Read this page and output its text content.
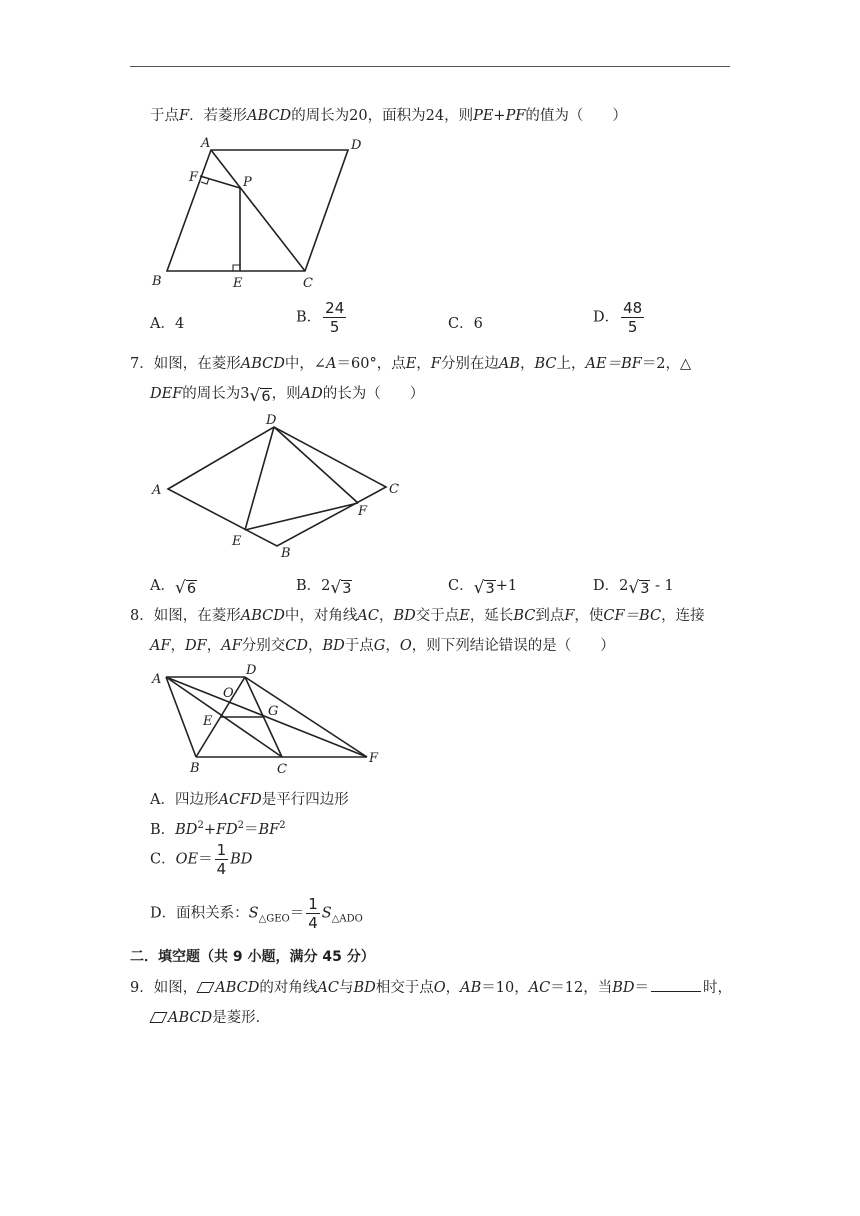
于点F．若菱形ABCD的周长为20，面积为24，则PE+PF的值为（　　）
A	D
F	P
B	E	C
A．4	B． $\frac{24}{5}$	C．6	D． $\frac{48}{5}$
7．如图，在菱形ABCD中，∠A＝60°，点E，F分别在边AB，BC上，AE＝BF＝2，△
DEF的周长为3 √ 6 ，则AD的长为（　　）
D
A	C
F
E
B
A． √ 6	B．2 √ 3	C． √ 3 +1	D．2 √ 3 - 1
8．如图，在菱形ABCD中，对角线AC，BD交于点E，延长BC到点F，使CF＝BC，连接
AF，DF，AF分别交CD，BD于点G，O，则下列结论错误的是（　　）
A
D
O
E
G
B	C
F
A．四边形ACFD是平行四边形
B．$BD^2+FD^2=BF^2$
C．$OE= \frac{1}{4}$ BD
D．面积关系：$S_{\triangle GEO}= \frac{1}{4} S_{\triangle ADO}$
二．填空题（共 9 小题，满分 45 分）
9．如图， ABCD的对角线AC与BD相交于点O，AB＝10，AC＝12，当BD＝	时，
ABCD是菱形．
